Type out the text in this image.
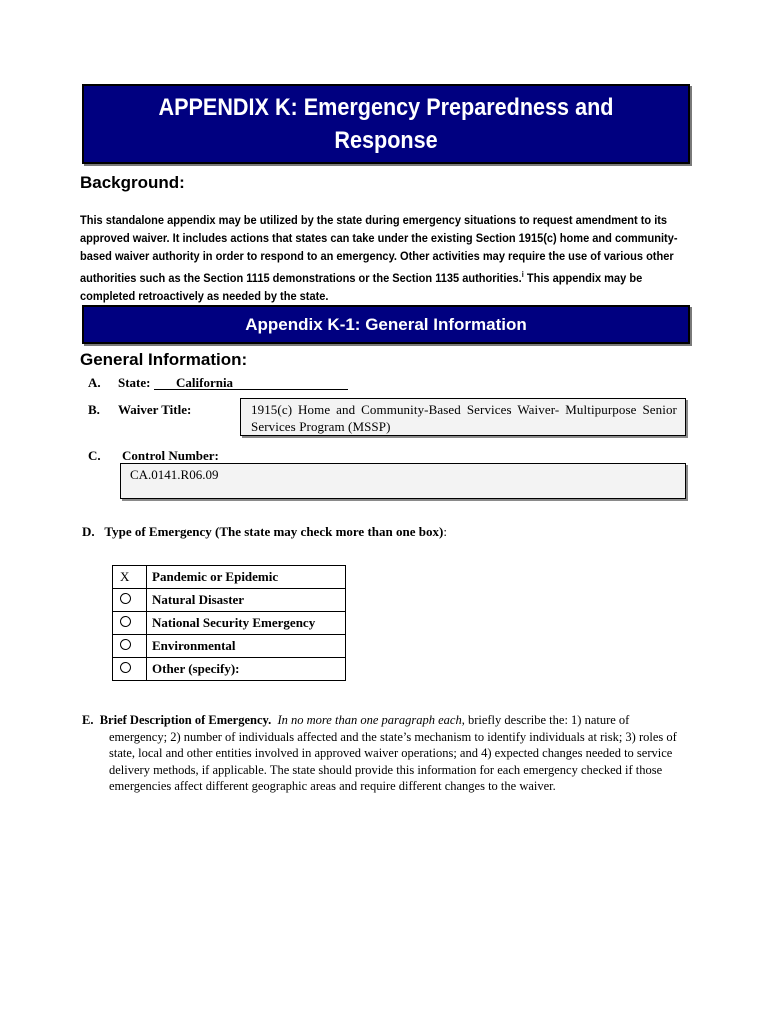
APPENDIX K: Emergency Preparedness and Response
Background:
This standalone appendix may be utilized by the state during emergency situations to request amendment to its approved waiver. It includes actions that states can take under the existing Section 1915(c) home and community-based waiver authority in order to respond to an emergency. Other activities may require the use of various other authorities such as the Section 1115 demonstrations or the Section 1135 authorities.$^i$ This appendix may be completed retroactively as needed by the state.
Appendix K-1: General Information
General Information:
A. State:	California
B. Waiver Title:	1915(c) Home and Community-Based Services Waiver- Multipurpose Senior Services Program (MSSP)
C. Control Number:
CA.0141.R06.09
D. Type of Emergency (The state may check more than one box):
X	Pandemic or Epidemic
	Natural Disaster
	National Security Emergency
	Environmental
	Other (specify):
E. Brief Description of Emergency. In no more than one paragraph each, briefly describe the: 1) nature of emergency; 2) number of individuals affected and the state’s mechanism to identify individuals at risk; 3) roles of state, local and other entities involved in approved waiver operations; and 4) expected changes needed to service delivery methods, if applicable. The state should provide this information for each emergency checked if those emergencies affect different geographic areas and require different changes to the waiver.
